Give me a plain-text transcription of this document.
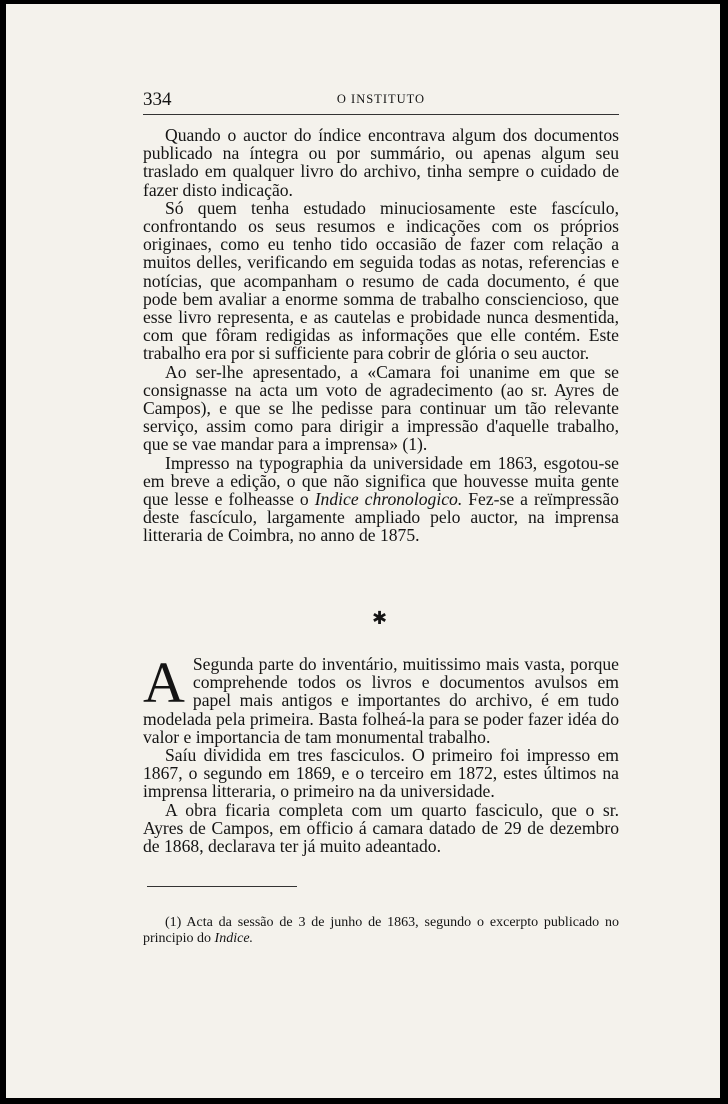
334	O INSTITUTO

Quando o auctor do índice encontrava algum dos documentos publicado na íntegra ou por summário, ou apenas algum seu traslado em qualquer livro do archivo, tinha sempre o cuidado de fazer disto indicação.

Só quem tenha estudado minuciosamente este fascículo, confrontando os seus resumos e indicações com os próprios originaes, como eu tenho tido occasião de fazer com relação a muitos delles, verificando em seguida todas as notas, referencias e notícias, que acompanham o resumo de cada documento, é que pode bem avaliar a enorme somma de trabalho consciencioso, que esse livro representa, e as cautelas e probidade nunca desmentida, com que fôram redigidas as informações que elle contém. Este trabalho era por si sufficiente para cobrir de glória o seu auctor.

Ao ser-lhe apresentado, a «Camara foi unanime em que se consignasse na acta um voto de agradecimento (ao sr. Ayres de Campos), e que se lhe pedisse para continuar um tão relevante serviço, assim como para dirigir a impressão d'aquelle trabalho, que se vae mandar para a imprensa» (1).

Impresso na typographia da universidade em 1863, esgotou-se em breve a edição, o que não significa que houvesse muita gente que lesse e folheasse o Indice chronologico. Fez-se a reïmpressão deste fascículo, largamente ampliado pelo auctor, na imprensa litteraria de Coimbra, no anno de 1875.

✱

A Segunda parte do inventário, muitissimo mais vasta, porque comprehende todos os livros e documentos avulsos em papel mais antigos e importantes do archivo, é em tudo modelada pela primeira. Basta folheá-la para se poder fazer idéa do valor e importancia de tam monumental trabalho.

Saíu dividida em tres fasciculos. O primeiro foi impresso em 1867, o segundo em 1869, e o terceiro em 1872, estes últimos na imprensa litteraria, o primeiro na da universidade.

A obra ficaria completa com um quarto fasciculo, que o sr. Ayres de Campos, em officio á camara datado de 29 de dezembro de 1868, declarava ter já muito adeantado.

(1) Acta da sessão de 3 de junho de 1863, segundo o excerpto publicado no principio do Indice.
